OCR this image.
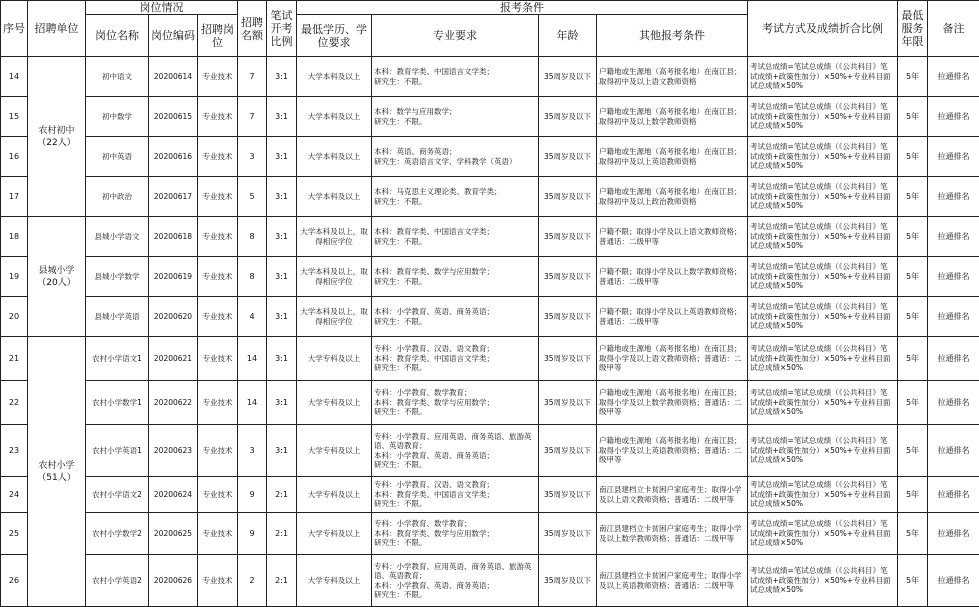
序号	招聘单位	岗位情况			招聘名额	笔试开考比例	报考条件				考试方式及成绩折合比例	最低服务年限	备注
		岗位名称	岗位编码	招聘岗位			最低学历、学位要求	专业要求	年龄	其他报考条件			
14	农村初中（22人）	初中语文	20200614	专业技术	7	3:1	大学本科及以上	本科：教育学类、中国语言文学类；
研究生：不限。	35周岁及以下	户籍地或生源地（高考报名地）在南江县；取得初中及以上语文教师资格	考试总成绩=笔试总成绩（《公共科目》笔试成绩+政策性加分）×50%+专业科目面试总成绩×50%	5年	拉通排名
15		初中数学	20200615	专业技术	7	3:1	大学本科及以上	本科：数学与应用数学；
研究生：不限。	35周岁及以下	户籍地或生源地（高考报名地）在南江县；取得初中及以上数学教师资格	考试总成绩=笔试总成绩（《公共科目》笔试成绩+政策性加分）×50%+专业科目面试总成绩×50%	5年	拉通排名
16		初中英语	20200616	专业技术	3	3:1	大学本科及以上	本科：英语、商务英语；
研究生：英语语言文学、学科教学（英语）	35周岁及以下	户籍地或生源地（高考报名地）在南江县；取得初中及以上英语教师资格	考试总成绩=笔试总成绩（《公共科目》笔试成绩+政策性加分）×50%+专业科目面试总成绩×50%	5年	拉通排名
17		初中政治	20200617	专业技术	5	3:1	大学本科及以上	本科：马克思主义理论类、教育学类；
研究生：不限。	35周岁及以下	户籍地或生源地（高考报名地）在南江县；取得初中及以上政治教师资格	考试总成绩=笔试总成绩（《公共科目》笔试成绩+政策性加分）×50%+专业科目面试总成绩×50%	5年	拉通排名
18	县城小学（20人）	县城小学语文	20200618	专业技术	8	3:1	大学本科及以上，取得相应学位	本科：教育学类、中国语言文学类；
研究生：不限。	35周岁及以下	户籍不限；取得小学及以上语文教师资格；普通话：二级甲等	考试总成绩=笔试总成绩（《公共科目》笔试成绩+政策性加分）×50%+专业科目面试总成绩×50%	5年	拉通排名
19		县城小学数学	20200619	专业技术	8	3:1	大学本科及以上，取得相应学位	本科：教育学类、数学与应用数学；
研究生：不限。	35周岁及以下	户籍不限；取得小学及以上数学教师资格；普通话：二级甲等	考试总成绩=笔试总成绩（《公共科目》笔试成绩+政策性加分）×50%+专业科目面试总成绩×50%	5年	拉通排名
20		县城小学英语	20200620	专业技术	4	3:1	大学本科及以上，取得相应学位	本科：小学教育、英语、商务英语；
研究生：不限。	35周岁及以下	户籍不限；取得小学及以上英语教师资格；普通话：二级甲等	考试总成绩=笔试总成绩（《公共科目》笔试成绩+政策性加分）×50%+专业科目面试总成绩×50%	5年	拉通排名
21	农村小学（51人）	农村小学语文1	20200621	专业技术	14	3:1	大学专科及以上	专科：小学教育、汉语、语文教育；
本科：教育学类、中国语言文学类；
研究生：不限。	35周岁及以下	户籍地或生源地（高考报名地）在南江县；取得小学及以上语文教师资格；普通话：二级甲等	考试总成绩=笔试总成绩（《公共科目》笔试成绩+政策性加分）×50%+专业科目面试总成绩×50%	5年	拉通排名
22		农村小学数学1	20200622	专业技术	14	3:1	大学专科及以上	专科：小学教育、数学教育；
本科：教育学类、数学与应用数学；
研究生：不限。	35周岁及以下	户籍地或生源地（高考报名地）在南江县；取得小学及以上数学教师资格；普通话：二级甲等	考试总成绩=笔试总成绩（《公共科目》笔试成绩+政策性加分）×50%+专业科目面试总成绩×50%	5年	拉通排名
23		农村小学英语1	20200623	专业技术	3	3:1	大学专科及以上	专科：小学教育、应用英语、商务英语、旅游英语、英语教育；
本科：小学教育、英语、商务英语；
研究生：不限。	35周岁及以下	户籍地或生源地（高考报名地）在南江县；取得小学及以上英语教师资格；普通话：二级甲等	考试总成绩=笔试总成绩（《公共科目》笔试成绩+政策性加分）×50%+专业科目面试总成绩×50%	5年	拉通排名
24		农村小学语文2	20200624	专业技术	9	2:1	大学专科及以上	专科：小学教育、汉语、语文教育；
本科：教育学类、中国语言文学类；
研究生：不限。	35周岁及以下	南江县建档立卡贫困户家庭考生；取得小学及以上语文教师资格；普通话：二级甲等	考试总成绩=笔试总成绩（《公共科目》笔试成绩+政策性加分）×50%+专业科目面试总成绩×50%	5年	拉通排名
25		农村小学数学2	20200625	专业技术	9	2:1	大学专科及以上	专科：小学教育、数学教育；
本科：教育学类、数学与应用数学；
研究生：不限。	35周岁及以下	南江县建档立卡贫困户家庭考生；取得小学及以上数学教师资格；普通话：二级甲等	考试总成绩=笔试总成绩（《公共科目》笔试成绩+政策性加分）×50%+专业科目面试总成绩×50%	5年	拉通排名
26		农村小学英语2	20200626	专业技术	2	2:1	大学专科及以上	专科：小学教育、应用英语、商务英语、旅游英语、英语教育；
本科：小学教育、英语、商务英语；
研究生：不限。	35周岁及以下	南江县建档立卡贫困户家庭考生；取得小学及以上英语教师资格；普通话：二级甲等	考试总成绩=笔试总成绩（《公共科目》笔试成绩+政策性加分）×50%+专业科目面试总成绩×50%	5年	拉通排名
